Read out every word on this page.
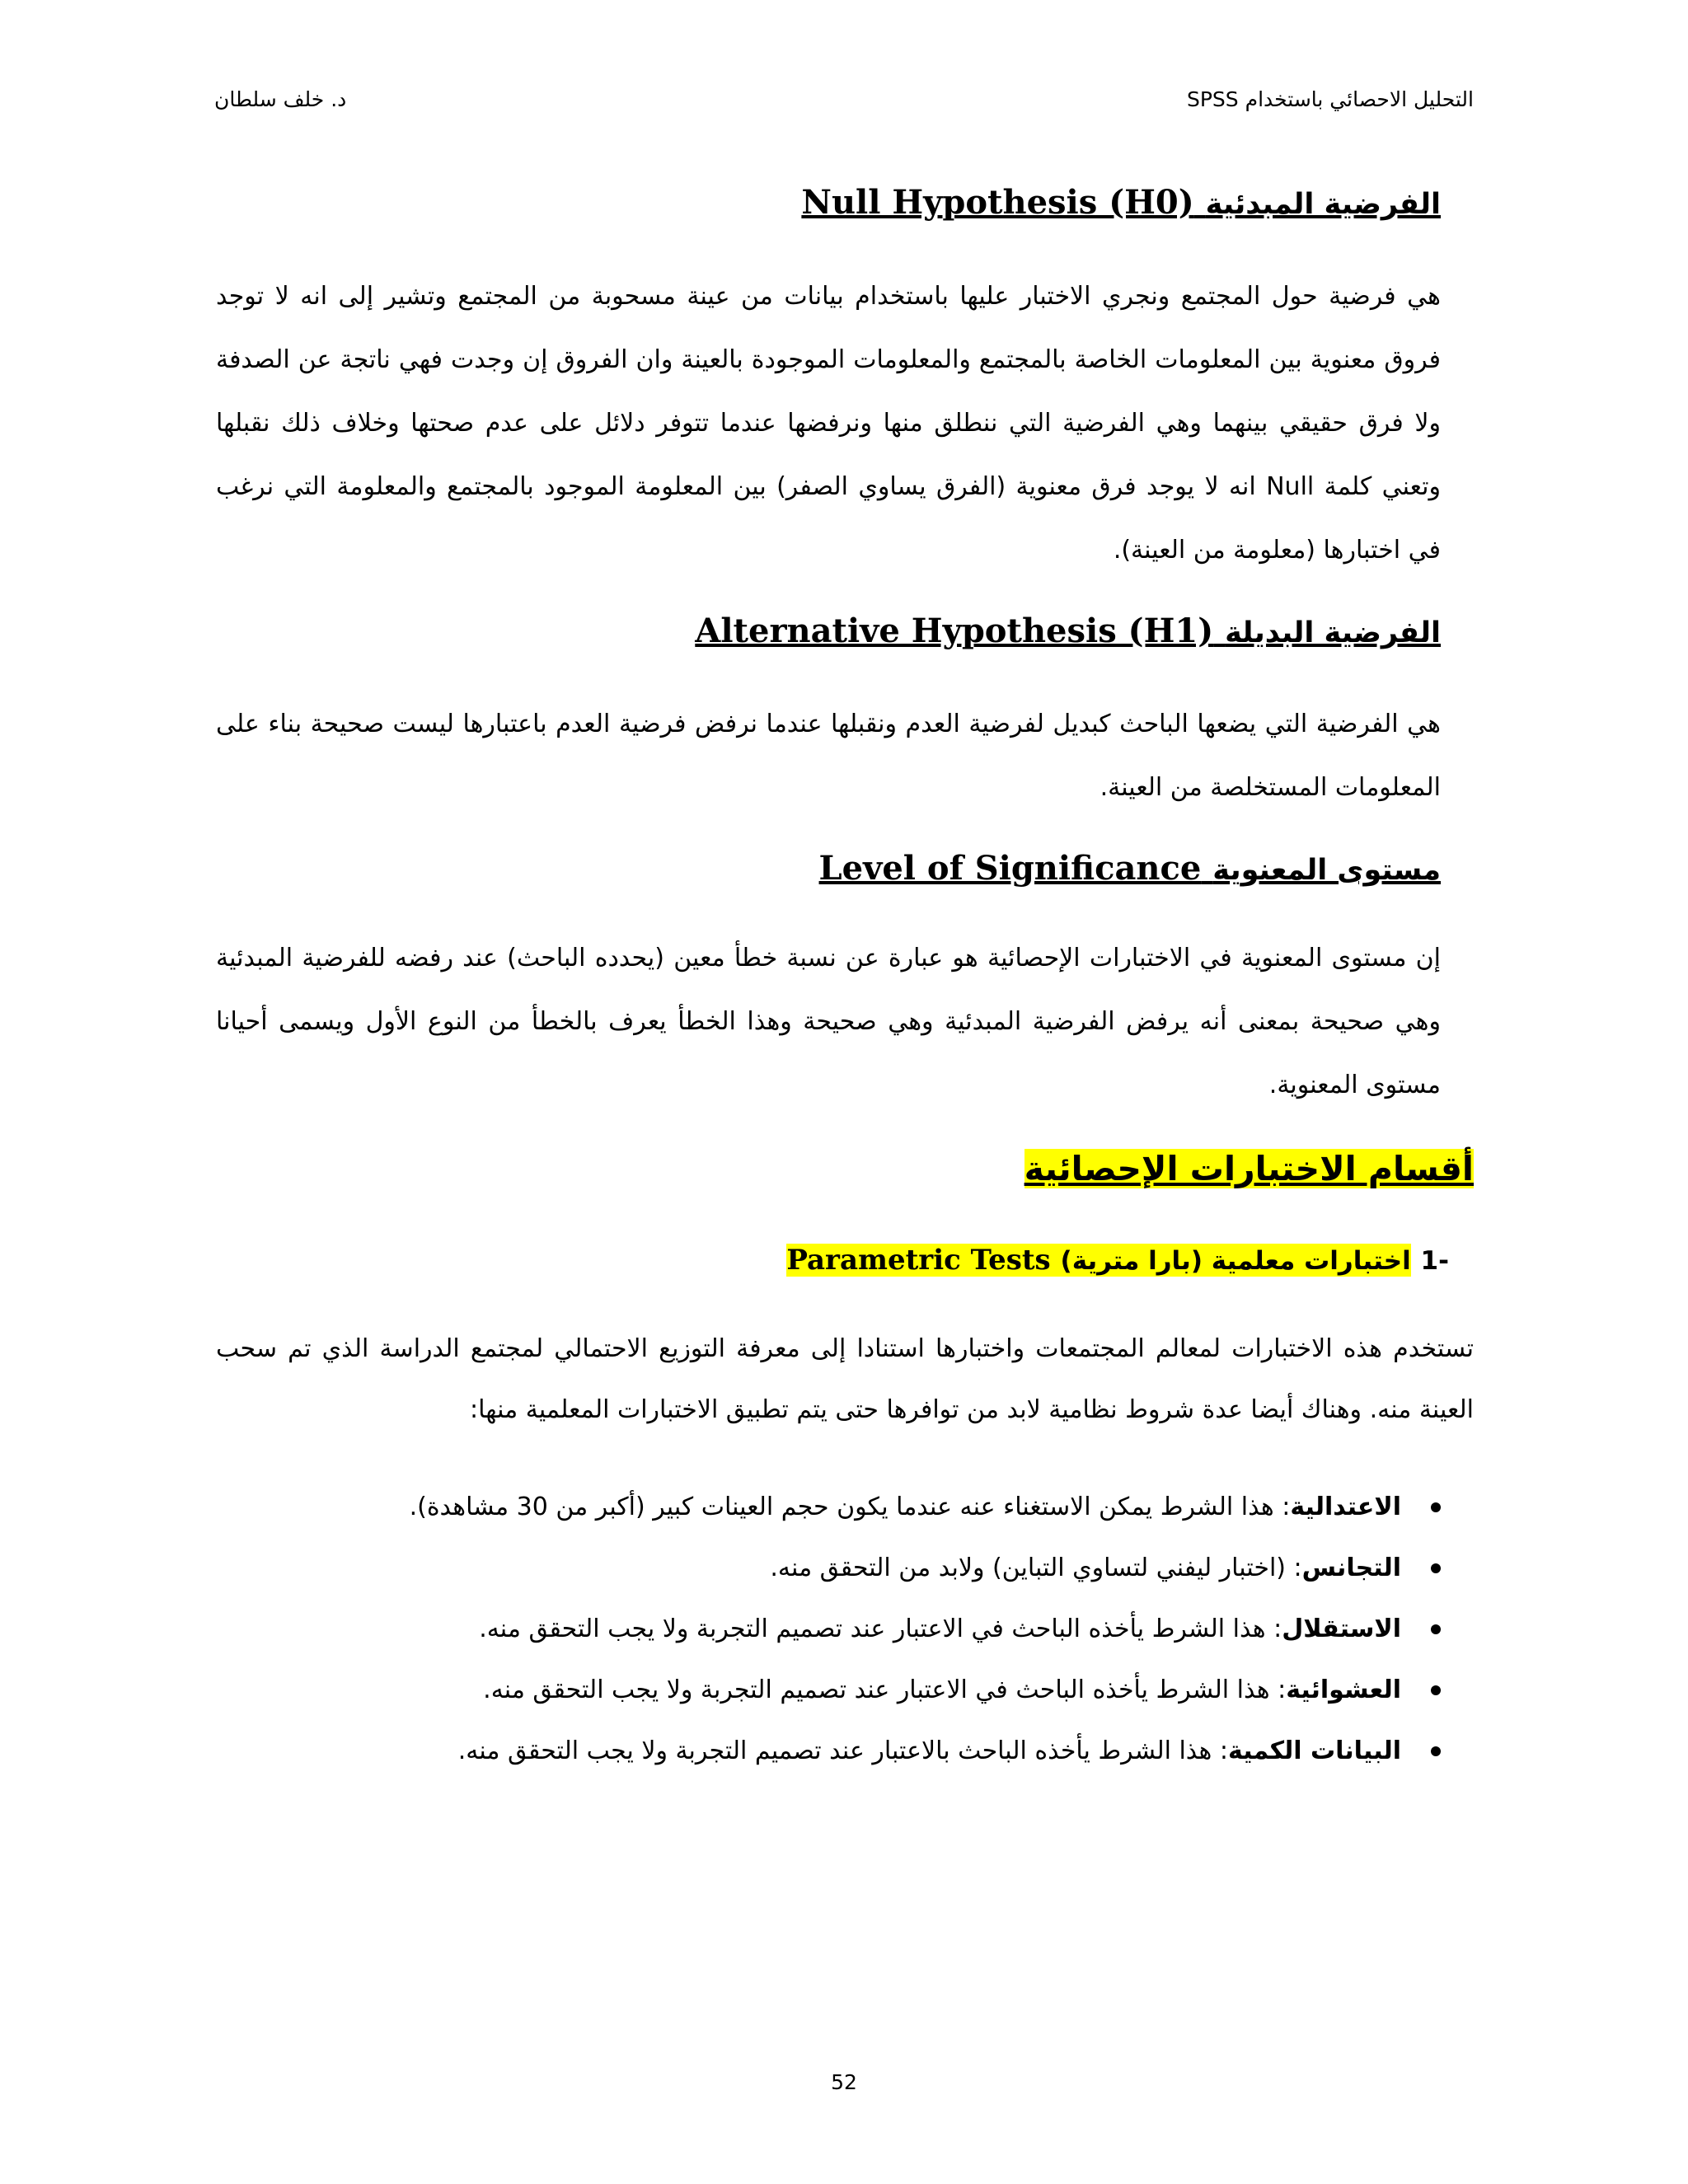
التحليل الاحصائي باستخدام SPSS
د. خلف سلطان
الفرضية المبدئية Null Hypothesis (H0)
هي فرضية حول المجتمع ونجري الاختبار عليها باستخدام بيانات من عينة مسحوبة من المجتمع وتشير إلى انه لا توجد فروق معنوية بين المعلومات الخاصة بالمجتمع والمعلومات الموجودة بالعينة وان الفروق إن وجدت فهي ناتجة عن الصدفة ولا فرق حقيقي بينهما وهي الفرضية التي ننطلق منها ونرفضها عندما تتوفر دلائل على عدم صحتها وخلاف ذلك نقبلها وتعني كلمة Null انه لا يوجد فرق معنوية (الفرق يساوي الصفر) بين المعلومة الموجود بالمجتمع والمعلومة التي نرغب في اختبارها (معلومة من العينة).
الفرضية البديلة Alternative Hypothesis (H1)
هي الفرضية التي يضعها الباحث كبديل لفرضية العدم ونقبلها عندما نرفض فرضية العدم باعتبارها ليست صحيحة بناء على المعلومات المستخلصة من العينة.
مستوى المعنوية Level of Significance
إن مستوى المعنوية في الاختبارات الإحصائية هو عبارة عن نسبة خطأ معين (يحدده الباحث) عند رفضه للفرضية المبدئية وهي صحيحة بمعنى أنه يرفض الفرضية المبدئية وهي صحيحة وهذا الخطأ يعرف بالخطأ من النوع الأول ويسمى أحيانا مستوى المعنوية.
أقسام الاختبارات الإحصائية
-1 اختبارات معلمية (بارا مترية) Parametric Tests
تستخدم هذه الاختبارات لمعالم المجتمعات واختبارها استنادا إلى معرفة التوزيع الاحتمالي لمجتمع الدراسة الذي تم سحب العينة منه. وهناك أيضا عدة شروط نظامية لابد من توافرها حتى يتم تطبيق الاختبارات المعلمية منها:
الاعتدالية: هذا الشرط يمكن الاستغناء عنه عندما يكون حجم العينات كبير (أكبر من 30 مشاهدة).
التجانس: (اختبار ليفني لتساوي التباين) ولابد من التحقق منه.
الاستقلال: هذا الشرط يأخذه الباحث في الاعتبار عند تصميم التجربة ولا يجب التحقق منه.
العشوائية: هذا الشرط يأخذه الباحث في الاعتبار عند تصميم التجربة ولا يجب التحقق منه.
البيانات الكمية: هذا الشرط يأخذه الباحث بالاعتبار عند تصميم التجربة ولا يجب التحقق منه.
52
